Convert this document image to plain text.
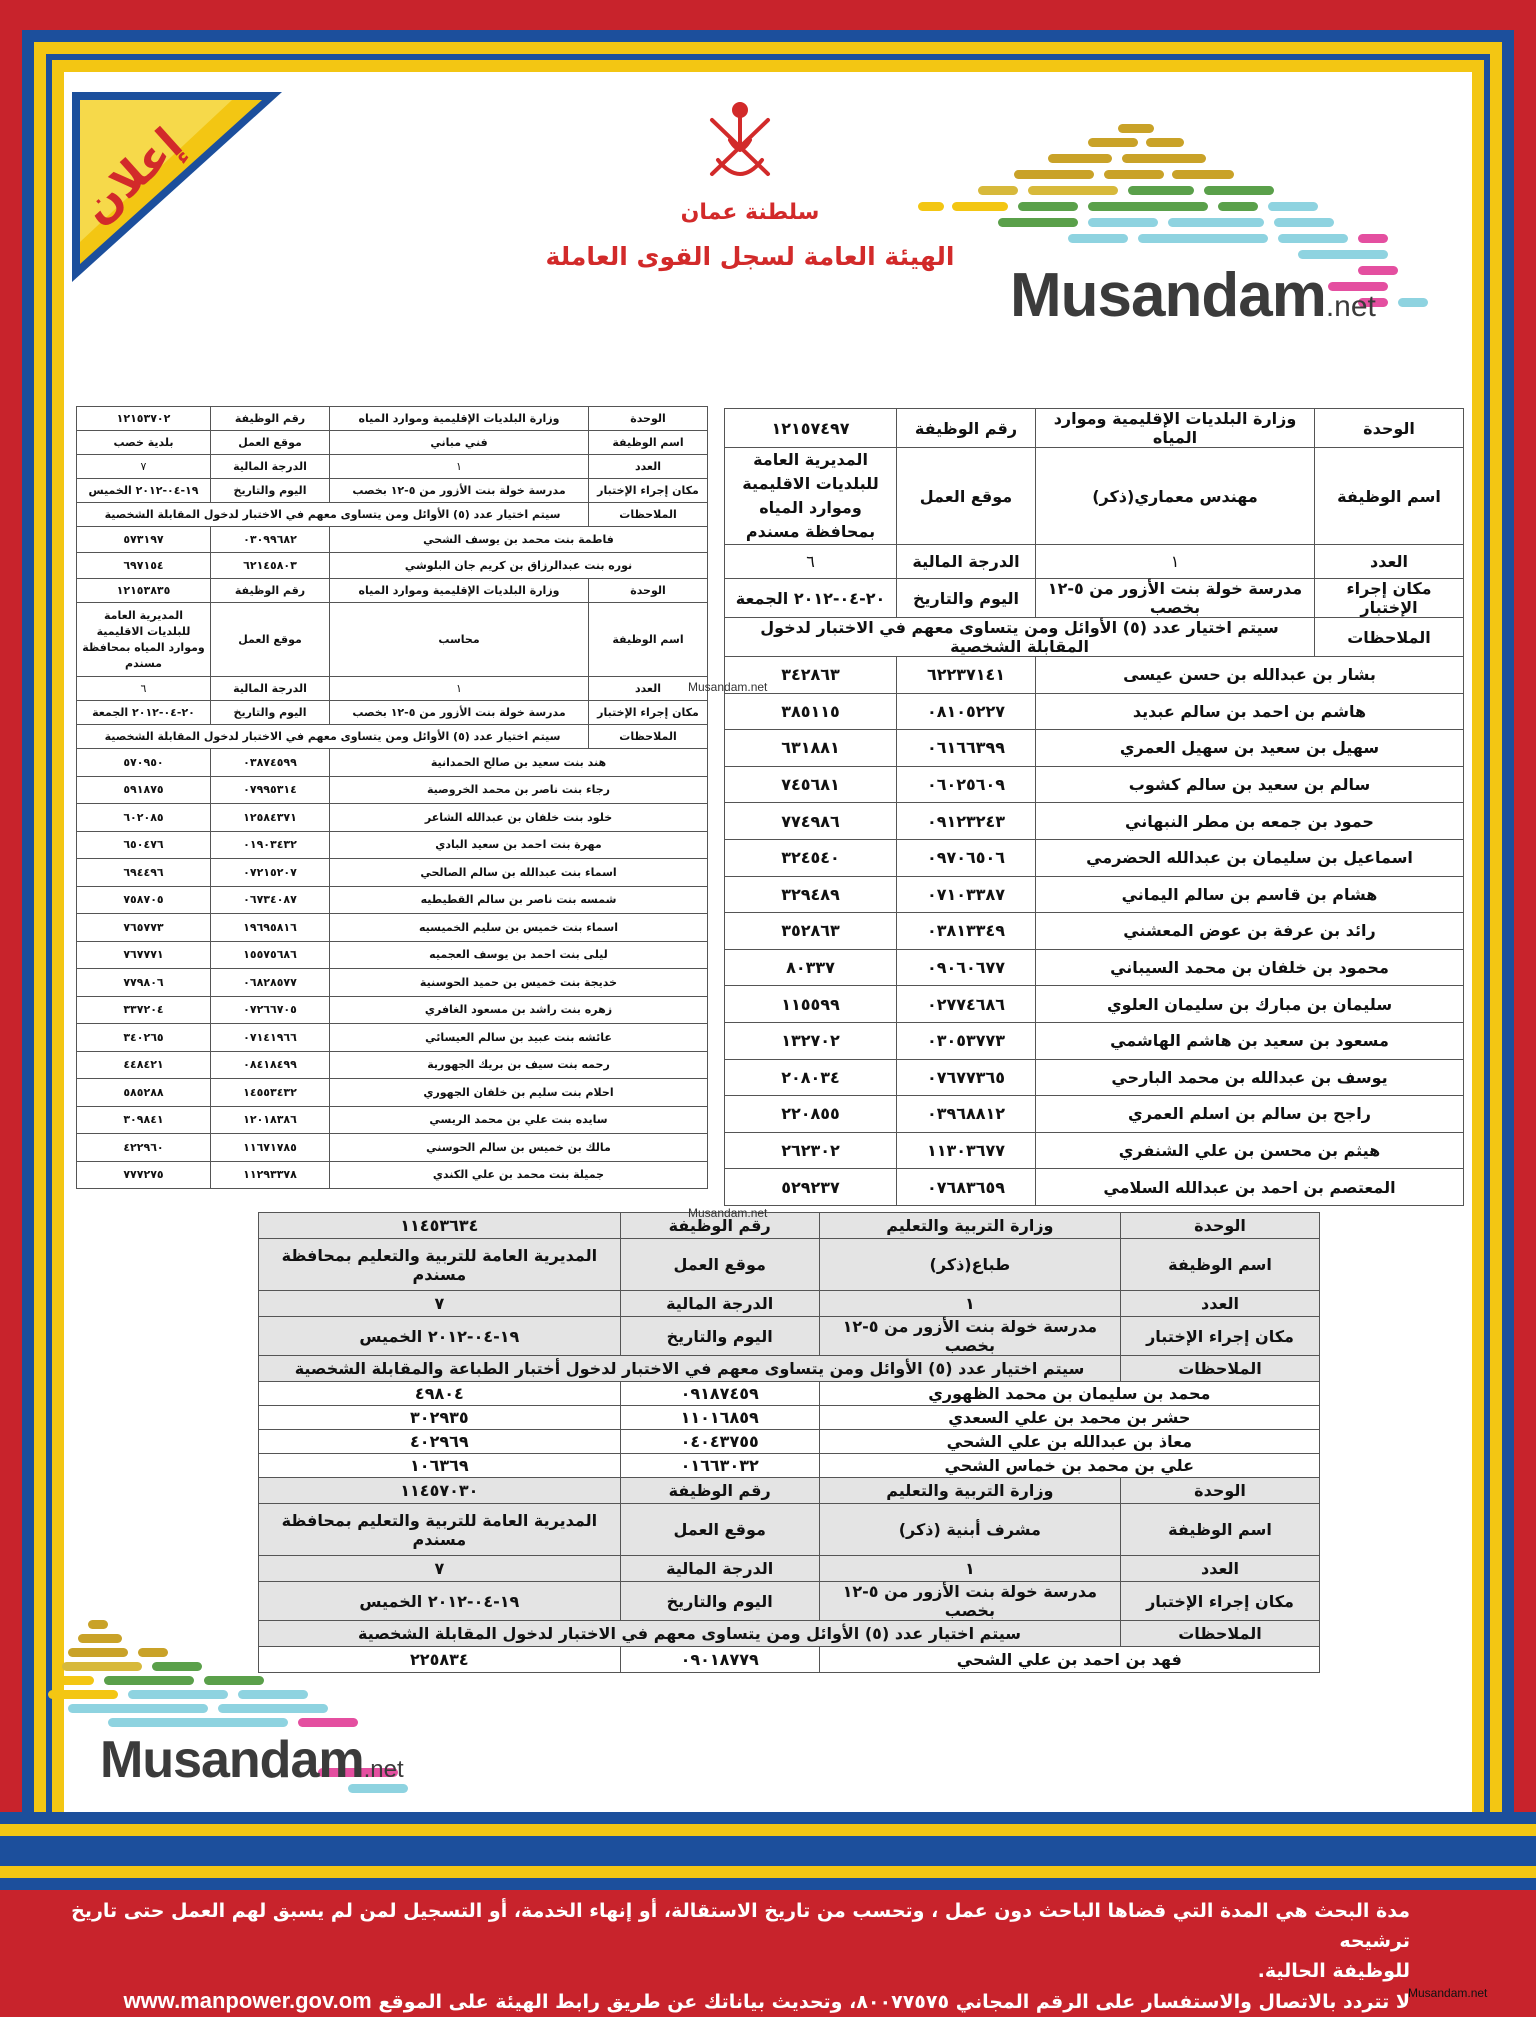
إعلان	سلطنة عمان
الهيئة العامة لسجل القوى العاملة
Musandam.net
Musandam.net
الوحدة	وزارة البلديات الإقليمية وموارد المياه	رقم الوظيفة	١٢١٥٧٤٩٧
اسم الوظيفة	مهندس معماري(ذكر)	موقع العمل	المديرية العامة للبلديات الاقليمية وموارد المياه بمحافظة مسندم
العدد	١	الدرجة المالية	٦
مكان إجراء الإختبار	مدرسة خولة بنت الأزور من ٥-١٢ بخصب	اليوم والتاريخ	٢٠-٠٤-٢٠١٢ الجمعة
الملاحظات	سيتم اختيار عدد (٥) الأوائل ومن يتساوى معهم في الاختبار لدخول المقابلة الشخصية		
بشار بن عبدالله بن حسن عيسى		٦٢٢٣٧١٤١	٣٤٢٨٦٣
هاشم بن احمد بن سالم عبديد		٠٨١٠٥٢٢٧	٣٨٥١١٥
سهيل بن سعيد بن سهيل العمري		٠٦١٦٦٣٩٩	٦٣١٨٨١
سالم بن سعيد بن سالم كشوب		٠٦٠٢٥٦٠٩	٧٤٥٦٨١
حمود بن جمعه بن مطر النبهاني		٠٩١٢٣٢٤٣	٧٧٤٩٨٦
اسماعيل بن سليمان بن عبدالله الحضرمي		٠٩٧٠٦٥٠٦	٣٢٤٥٤٠
هشام بن قاسم بن سالم اليماني		٠٧١٠٣٣٨٧	٣٢٩٤٨٩
رائد بن عرفة بن عوض المعشني		٠٣٨١٣٣٤٩	٣٥٢٨٦٣
محمود بن خلفان بن محمد السيباني		٠٩٠٦٠٦٧٧	٨٠٣٣٧
سليمان بن مبارك بن سليمان العلوي		٠٢٧٧٤٦٨٦	١١٥٥٩٩
مسعود بن سعيد بن هاشم الهاشمي		٠٣٠٥٣٧٧٣	١٣٢٧٠٢
يوسف بن عبدالله بن محمد البارحي		٠٧٦٧٧٣٦٥	٢٠٨٠٣٤
راجح بن سالم بن اسلم العمري		٠٣٩٦٨٨١٢	٢٢٠٨٥٥
هيثم بن محسن بن علي الشنفري		١١٣٠٣٦٧٧	٢٦٢٣٠٢
المعتصم بن احمد بن عبدالله السلامي		٠٧٦٨٣٦٥٩	٥٢٩٢٣٧
الوحدة	وزارة البلديات الإقليمية وموارد المياه	رقم الوظيفة	١٢١٥٣٧٠٢
اسم الوظيفة	فني مباني	موقع العمل	بلدية خصب
العدد	١	الدرجة المالية	٧
مكان إجراء الإختبار	مدرسة خولة بنت الأزور من ٥-١٢ بخصب	اليوم والتاريخ	١٩-٠٤-٢٠١٢ الخميس
الملاحظات	سيتم اختيار عدد (٥) الأوائل ومن يتساوى معهم في الاختبار لدخول المقابلة الشخصية		
فاطمة بنت محمد بن يوسف الشحي		٠٣٠٩٩٦٨٢	٥٧٣١٩٧
نوره بنت عبدالرزاق بن كريم جان البلوشي		٦٢١٤٥٨٠٣	٦٩٧١٥٤
الوحدة	وزارة البلديات الإقليمية وموارد المياه	رقم الوظيفة	١٢١٥٣٨٣٥
اسم الوظيفة	محاسب	موقع العمل	المديرية العامة للبلديات الاقليمية وموارد المياه بمحافظة مسندم
العدد	١	الدرجة المالية	٦
مكان إجراء الإختبار	مدرسة خولة بنت الأزور من ٥-١٢ بخصب	اليوم والتاريخ	٢٠-٠٤-٢٠١٢ الجمعة
الملاحظات	سيتم اختيار عدد (٥) الأوائل ومن يتساوى معهم في الاختبار لدخول المقابلة الشخصية		
هند بنت سعيد بن صالح الحمدانية		٠٣٨٧٤٥٩٩	٥٧٠٩٥٠
رجاء بنت ناصر بن محمد الخروصية		٠٧٩٩٥٣١٤	٥٩١٨٧٥
خلود بنت خلفان بن عبدالله الشاعر		١٢٥٨٤٣٧١	٦٠٢٠٨٥
مهرة بنت احمد بن سعيد البادي		٠١٩٠٣٤٣٢	٦٥٠٤٧٦
اسماء بنت عبدالله بن سالم الصالحي		٠٧٢١٥٢٠٧	٦٩٤٤٩٦
شمسه بنت ناصر بن سالم القطيطيه		٠٦٧٣٤٠٨٧	٧٥٨٧٠٥
اسماء بنت خميس بن سليم الخميسيه		١٩٦٩٥٨١٦	٧٦٥٧٧٣
ليلى بنت احمد بن يوسف العجميه		١٥٥٧٥٦٨٦	٧٦٧٧٧١
خديجة بنت خميس بن حميد الحوسنية		٠٦٨٢٨٥٧٧	٧٧٩٨٠٦
زهره بنت راشد بن مسعود الغافري		٠٧٢٦٦٧٠٥	٣٣٧٢٠٤
عائشه بنت عبيد بن سالم العيسائي		٠٧١٤١٩٦٦	٣٤٠٢٦٥
رحمه بنت سيف بن بريك الجهورية		٠٨٤١٨٤٩٩	٤٤٨٤٢١
احلام بنت سليم بن خلفان الجهوري		١٤٥٥٣٤٣٢	٥٨٥٢٨٨
سايده بنت علي بن محمد الريسي		١٢٠١٨٣٨٦	٣٠٩٨٤١
مالك بن خميس بن سالم الحوسني		١١٦٧١٧٨٥	٤٢٢٩٦٠
جميلة بنت محمد بن علي الكندي		١١٢٩٣٣٧٨	٧٧٧٢٧٥
الوحدة	وزارة التربية والتعليم	رقم الوظيفة	١١٤٥٣٦٣٤
اسم الوظيفة	طباع(ذكر)	موقع العمل	المديرية العامة للتربية والتعليم بمحافظة مسندم
العدد	١	الدرجة المالية	٧
مكان إجراء الإختبار	مدرسة خولة بنت الأزور من ٥-١٢ بخصب	اليوم والتاريخ	١٩-٠٤-٢٠١٢ الخميس
الملاحظات	سيتم اختيار عدد (٥) الأوائل ومن يتساوى معهم في الاختبار لدخول أختبار الطباعة والمقابلة الشخصية		
محمد بن سليمان بن محمد الظهوري		٠٩١٨٧٤٥٩	٤٩٨٠٤
حشر بن محمد بن علي السعدي		١١٠١٦٨٥٩	٣٠٢٩٣٥
معاذ بن عبدالله بن علي الشحي		٠٤٠٤٣٧٥٥	٤٠٢٩٦٩
علي بن محمد بن خماس الشحي		٠١٦٦٣٠٣٢	١٠٦٣٦٩
الوحدة	وزارة التربية والتعليم	رقم الوظيفة	١١٤٥٧٠٣٠
اسم الوظيفة	مشرف أبنية (ذكر)	موقع العمل	المديرية العامة للتربية والتعليم بمحافظة مسندم
العدد	١	الدرجة المالية	٧
مكان إجراء الإختبار	مدرسة خولة بنت الأزور من ٥-١٢ بخصب	اليوم والتاريخ	١٩-٠٤-٢٠١٢ الخميس
الملاحظات	سيتم اختيار عدد (٥) الأوائل ومن يتساوى معهم في الاختبار لدخول المقابلة الشخصية		
فهد بن احمد بن علي الشحي		٠٩٠١٨٧٧٩	٢٢٥٨٣٤
Musandam.net
Musandam.net
Musandam.net
مدة البحث هي المدة التي قضاها الباحث دون عمل ، وتحسب من تاريخ الاستقالة، أو إنهاء الخدمة، أو التسجيل لمن لم يسبق لهم العمل حتى تاريخ ترشيحه
للوظيفة الحالية.
لا تتردد بالاتصال والاستفسار على الرقم المجاني ٨٠٠٧٧٥٧٥، وتحديث بياناتك عن طريق رابط الهيئة على الموقع www.manpower.gov.om
